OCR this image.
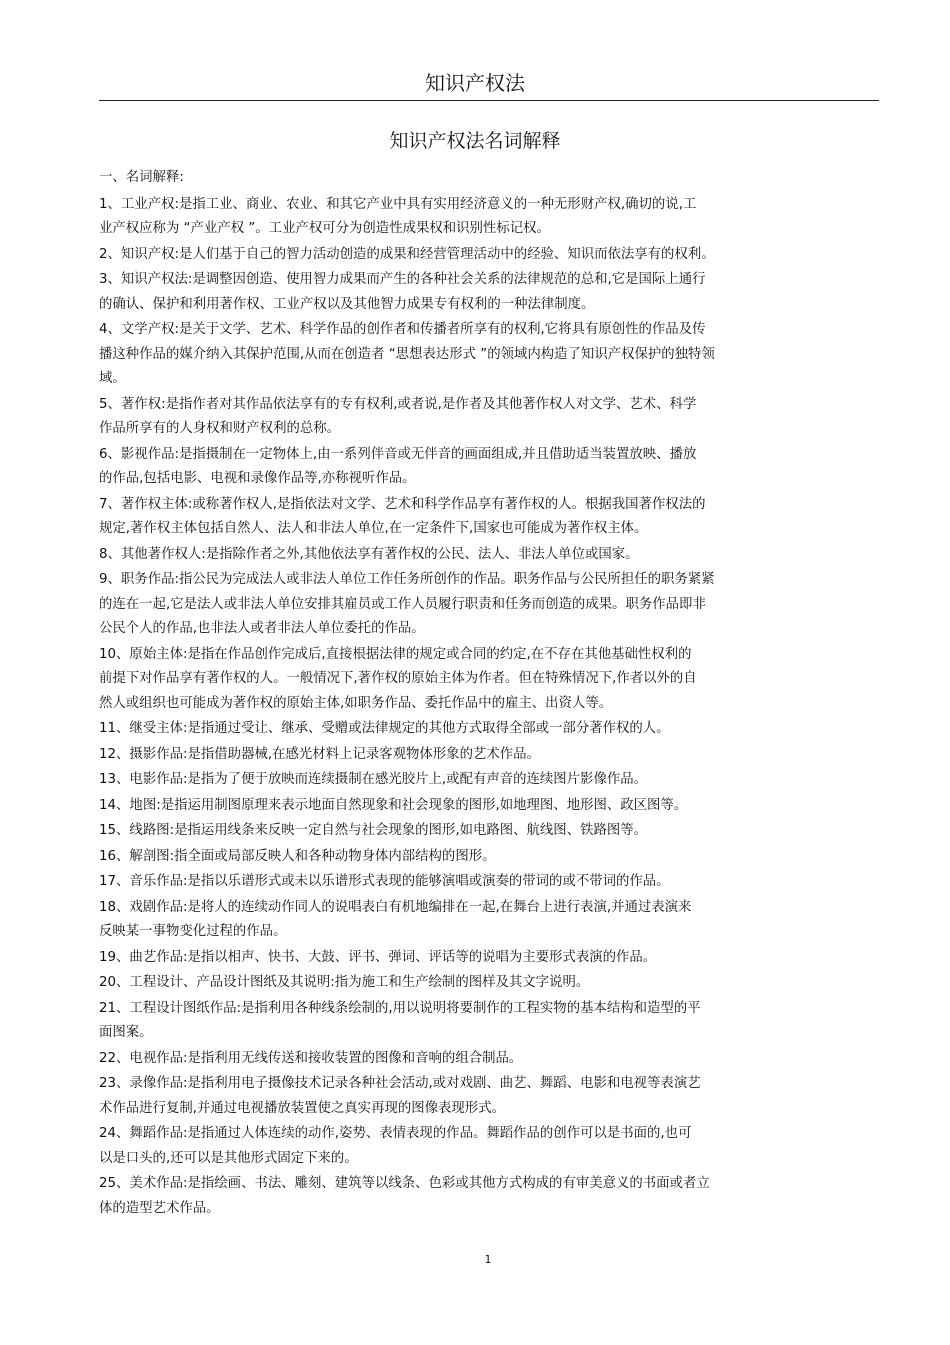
知识产权法
知识产权法名词解释
一、名词解释:
1、工业产权:是指工业、商业、农业、和其它产业中具有实用经济意义的一种无形财产权,确切的说,工
业产权应称为 “产业产权 ”。工业产权可分为创造性成果权和识别性标记权。
2、知识产权:是人们基于自己的智力活动创造的成果和经营管理活动中的经验、知识而依法享有的权利。
3、知识产权法:是调整因创造、使用智力成果而产生的各种社会关系的法律规范的总和,它是国际上通行
的确认、保护和利用著作权、工业产权以及其他智力成果专有权利的一种法律制度。
4、文学产权:是关于文学、艺术、科学作品的创作者和传播者所享有的权利,它将具有原创性的作品及传
播这种作品的媒介纳入其保护范围,从而在创造者 “思想表达形式 ”的领域内构造了知识产权保护的独特领
域。
5、著作权:是指作者对其作品依法享有的专有权利,或者说,是作者及其他著作权人对文学、艺术、科学
作品所享有的人身权和财产权利的总称。
6、影视作品:是指摄制在一定物体上,由一系列伴音或无伴音的画面组成,并且借助适当装置放映、播放
的作品,包括电影、电视和录像作品等,亦称视听作品。
7、著作权主体:或称著作权人,是指依法对文学、艺术和科学作品享有著作权的人。根据我国著作权法的
规定,著作权主体包括自然人、法人和非法人单位,在一定条件下,国家也可能成为著作权主体。
8、其他著作权人:是指除作者之外,其他依法享有著作权的公民、法人、非法人单位或国家。
9、职务作品:指公民为完成法人或非法人单位工作任务所创作的作品。职务作品与公民所担任的职务紧紧
的连在一起,它是法人或非法人单位安排其雇员或工作人员履行职责和任务而创造的成果。职务作品即非
公民个人的作品,也非法人或者非法人单位委托的作品。
10、原始主体:是指在作品创作完成后,直接根据法律的规定或合同的约定,在不存在其他基础性权利的
前提下对作品享有著作权的人。一般情况下,著作权的原始主体为作者。但在特殊情况下,作者以外的自
然人或组织也可能成为著作权的原始主体,如职务作品、委托作品中的雇主、出资人等。
11、继受主体:是指通过受让、继承、受赠或法律规定的其他方式取得全部或一部分著作权的人。
12、摄影作品:是指借助器械,在感光材料上记录客观物体形象的艺术作品。
13、电影作品:是指为了便于放映而连续摄制在感光胶片上,或配有声音的连续图片影像作品。
14、地图:是指运用制图原理来表示地面自然现象和社会现象的图形,如地理图、地形图、政区图等。
15、线路图:是指运用线条来反映一定自然与社会现象的图形,如电路图、航线图、铁路图等。
16、解剖图:指全面或局部反映人和各种动物身体内部结构的图形。
17、音乐作品:是指以乐谱形式或未以乐谱形式表现的能够演唱或演奏的带词的或不带词的作品。
18、戏剧作品:是将人的连续动作同人的说唱表白有机地编排在一起,在舞台上进行表演,并通过表演来
反映某一事物变化过程的作品。
19、曲艺作品:是指以相声、快书、大鼓、评书、弹词、评话等的说唱为主要形式表演的作品。
20、工程设计、产品设计图纸及其说明:指为施工和生产绘制的图样及其文字说明。
21、工程设计图纸作品:是指利用各种线条绘制的,用以说明将要制作的工程实物的基本结构和造型的平
面图案。
22、电视作品:是指利用无线传送和接收装置的图像和音响的组合制品。
23、录像作品:是指利用电子摄像技术记录各种社会活动,或对戏剧、曲艺、舞蹈、电影和电视等表演艺
术作品进行复制,并通过电视播放装置使之真实再现的图像表现形式。
24、舞蹈作品:是指通过人体连续的动作,姿势、表情表现的作品。舞蹈作品的创作可以是书面的,也可
以是口头的,还可以是其他形式固定下来的。
25、美术作品:是指绘画、书法、雕刻、建筑等以线条、色彩或其他方式构成的有审美意义的书面或者立
体的造型艺术作品。
1
